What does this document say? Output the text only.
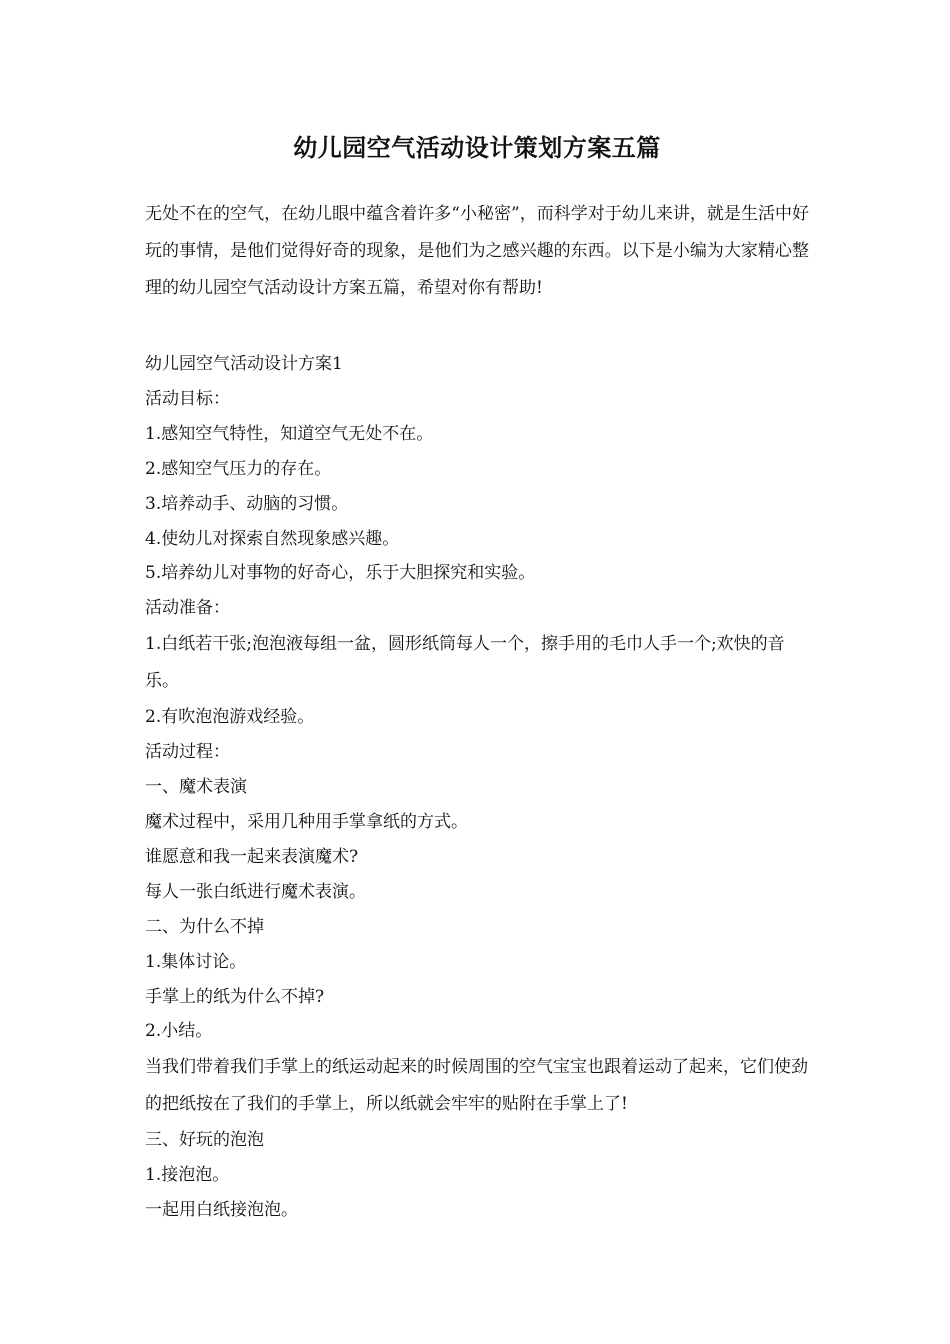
幼儿园空气活动设计策划方案五篇

无处不在的空气，在幼儿眼中蕴含着许多“小秘密”，而科学对于幼儿来讲，就是生活中好玩的事情，是他们觉得好奇的现象，是他们为之感兴趣的东西。以下是小编为大家精心整理的幼儿园空气活动设计方案五篇，希望对你有帮助!

幼儿园空气活动设计方案1

活动目标：

1.感知空气特性，知道空气无处不在。

2.感知空气压力的存在。

3.培养动手、动脑的习惯。

4.使幼儿对探索自然现象感兴趣。

5.培养幼儿对事物的好奇心，乐于大胆探究和实验。

活动准备：

1.白纸若干张;泡泡液每组一盆，圆形纸筒每人一个，擦手用的毛巾人手一个;欢快的音乐。

2.有吹泡泡游戏经验。

活动过程：

一、魔术表演

魔术过程中，采用几种用手掌拿纸的方式。

谁愿意和我一起来表演魔术?

每人一张白纸进行魔术表演。

二、为什么不掉

1.集体讨论。

手掌上的纸为什么不掉?

2.小结。

当我们带着我们手掌上的纸运动起来的时候周围的空气宝宝也跟着运动了起来，它们使劲的把纸按在了我们的手掌上，所以纸就会牢牢的贴附在手掌上了!

三、好玩的泡泡

1.接泡泡。

一起用白纸接泡泡。
